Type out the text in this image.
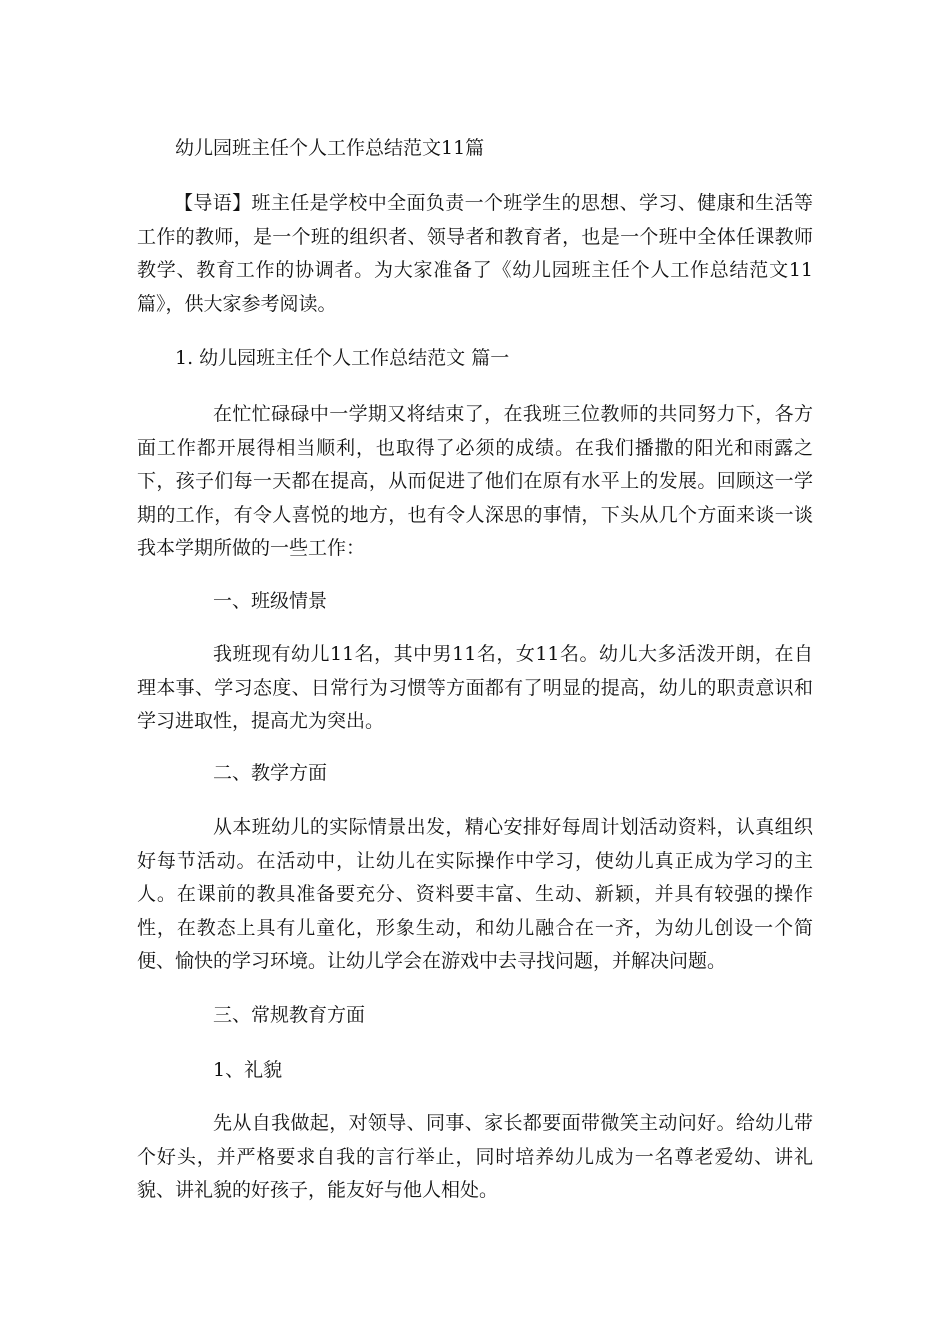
幼儿园班主任个人工作总结范文11篇

【导语】班主任是学校中全面负责一个班学生的思想、学习、健康和生活等工作的教师，是一个班的组织者、领导者和教育者，也是一个班中全体任课教师教学、教育工作的协调者。为大家准备了《幼儿园班主任个人工作总结范文11篇》，供大家参考阅读。

1. 幼儿园班主任个人工作总结范文 篇一

在忙忙碌碌中一学期又将结束了，在我班三位教师的共同努力下，各方面工作都开展得相当顺利，也取得了必须的成绩。在我们播撒的阳光和雨露之下，孩子们每一天都在提高，从而促进了他们在原有水平上的发展。回顾这一学期的工作，有令人喜悦的地方，也有令人深思的事情，下头从几个方面来谈一谈我本学期所做的一些工作：

一、班级情景

我班现有幼儿11名，其中男11名，女11名。幼儿大多活泼开朗，在自理本事、学习态度、日常行为习惯等方面都有了明显的提高，幼儿的职责意识和学习进取性，提高尤为突出。

二、教学方面

从本班幼儿的实际情景出发，精心安排好每周计划活动资料，认真组织好每节活动。在活动中，让幼儿在实际操作中学习，使幼儿真正成为学习的主人。在课前的教具准备要充分、资料要丰富、生动、新颖，并具有较强的操作性，在教态上具有儿童化，形象生动，和幼儿融合在一齐，为幼儿创设一个简便、愉快的学习环境。让幼儿学会在游戏中去寻找问题，并解决问题。

三、常规教育方面
1、礼貌

先从自我做起，对领导、同事、家长都要面带微笑主动问好。给幼儿带个好头，并严格要求自我的言行举止，同时培养幼儿成为一名尊老爱幼、讲礼貌、讲礼貌的好孩子，能友好与他人相处。
